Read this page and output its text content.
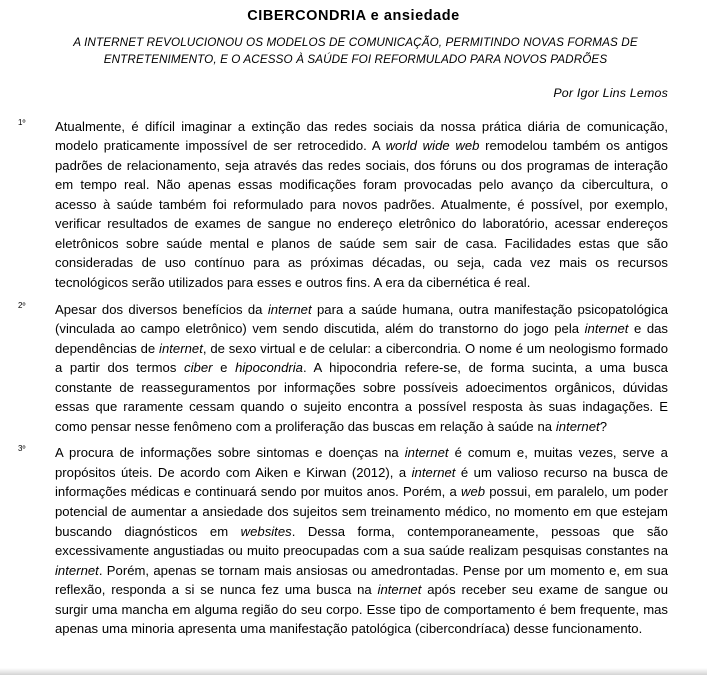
CIBERCONDRIA e ansiedade

A INTERNET REVOLUCIONOU OS MODELOS DE COMUNICAÇÃO, PERMITINDO NOVAS FORMAS DE ENTRETENIMENTO, E O ACESSO À SAÚDE FOI REFORMULADO PARA NOVOS PADRÕES

Por Igor Lins Lemos

1º Atualmente, é difícil imaginar a extinção das redes sociais da nossa prática diária de comunicação, modelo praticamente impossível de ser retrocedido. A world wide web remodelou também os antigos padrões de relacionamento, seja através das redes sociais, dos fóruns ou dos programas de interação em tempo real. Não apenas essas modificações foram provocadas pelo avanço da cibercultura, o acesso à saúde também foi reformulado para novos padrões. Atualmente, é possível, por exemplo, verificar resultados de exames de sangue no endereço eletrônico do laboratório, acessar endereços eletrônicos sobre saúde mental e planos de saúde sem sair de casa. Facilidades estas que são consideradas de uso contínuo para as próximas décadas, ou seja, cada vez mais os recursos tecnológicos serão utilizados para esses e outros fins. A era da cibernética é real.
2º Apesar dos diversos benefícios da internet para a saúde humana, outra manifestação psicopatológica (vinculada ao campo eletrônico) vem sendo discutida, além do transtorno do jogo pela internet e das dependências de internet, de sexo virtual e de celular: a cibercondria. O nome é um neologismo formado a partir dos termos ciber e hipocondria. A hipocondria refere-se, de forma sucinta, a uma busca constante de reasseguramentos por informações sobre possíveis adoecimentos orgânicos, dúvidas essas que raramente cessam quando o sujeito encontra a possível resposta às suas indagações. E como pensar nesse fenômeno com a proliferação das buscas em relação à saúde na internet?
3º A procura de informações sobre sintomas e doenças na internet é comum e, muitas vezes, serve a propósitos úteis. De acordo com Aiken e Kirwan (2012), a internet é um valioso recurso na busca de informações médicas e continuará sendo por muitos anos. Porém, a web possui, em paralelo, um poder potencial de aumentar a ansiedade dos sujeitos sem treinamento médico, no momento em que estejam buscando diagnósticos em websites. Dessa forma, contemporaneamente, pessoas que são excessivamente angustiadas ou muito preocupadas com a sua saúde realizam pesquisas constantes na internet. Porém, apenas se tornam mais ansiosas ou amedrontadas. Pense por um momento e, em sua reflexão, responda a si se nunca fez uma busca na internet após receber seu exame de sangue ou surgir uma mancha em alguma região do seu corpo. Esse tipo de comportamento é bem frequente, mas apenas uma minoria apresenta uma manifestação patológica (cibercondríaca) desse funcionamento.
